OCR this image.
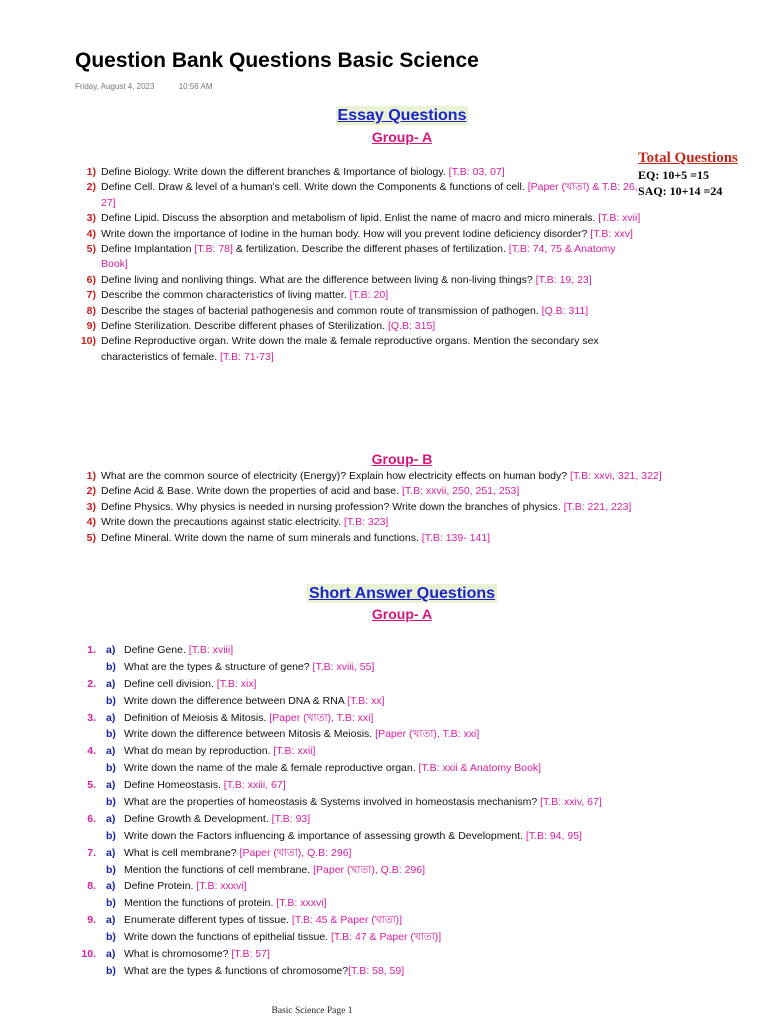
Question Bank Questions Basic Science
Friday, August 4, 2023	10:56 AM
Essay Questions
Group- A
Total Questions
EQ: 10+5 =15
SAQ: 10+14 =24
1) Define Biology. Write down the different branches & Importance of biology. [T.B: 03, 07]
2) Define Cell. Draw & level of a human's cell. Write down the Components & functions of cell. [Paper (খাতা) & T.B: 26, 27]
3) Define Lipid. Discuss the absorption and metabolism of lipid. Enlist the name of macro and micro minerals. [T.B: xvii]
4) Write down the importance of Iodine in the human body. How will you prevent Iodine deficiency disorder? [T.B: xxv]
5) Define Implantation [T.B: 78] & fertilization. Describe the different phases of fertilization. [T.B: 74, 75 & Anatomy Book]
6) Define living and nonliving things. What are the difference between living & non-living things? [T.B: 19, 23]
7) Describe the common characteristics of living matter. [T.B: 20]
8) Describe the stages of bacterial pathogenesis and common route of transmission of pathogen. [Q.B: 311]
9) Define Sterilization. Describe different phases of Sterilization. [Q.B: 315]
10) Define Reproductive organ. Write down the male & female reproductive organs. Mention the secondary sex characteristics of female. [T.B: 71-73]
Group- B
1) What are the common source of electricity (Energy)? Explain how electricity effects on human body? [T.B: xxvi, 321, 322]
2) Define Acid & Base. Write down the properties of acid and base. [T.B: xxvii, 250, 251, 253]
3) Define Physics. Why physics is needed in nursing profession? Write down the branches of physics. [T.B: 221, 223]
4) Write down the precautions against static electricity. [T.B: 323]
5) Define Mineral. Write down the name of sum minerals and functions. [T.B: 139- 141]
Short Answer Questions
Group- A
1. a) Define Gene. [T.B: xviii]
b) What are the types & structure of gene? [T.B: xviii, 55]
2. a) Define cell division. [T.B: xix]
b) Write down the difference between DNA & RNA [T.B: xx]
3. a) Definition of Meiosis & Mitosis. [Paper (খাতা), T.B: xxi]
b) Write down the difference between Mitosis & Meiosis. [Paper (খাতা), T.B: xxi]
4. a) What do mean by reproduction. [T.B: xxii]
b) Write down the name of the male & female reproductive organ. [T.B: xxii & Anatomy Book]
5. a) Define Homeostasis. [T.B: xxiii, 67]
b) What are the properties of homeostasis & Systems involved in homeostasis mechanism? [T.B: xxiv, 67]
6. a) Define Growth & Development. [T.B: 93]
b) Write down the Factors influencing & importance of assessing growth & Development. [T.B: 94, 95]
7. a) What is cell membrane? [Paper (খাতা), Q.B: 296]
b) Mention the functions of cell membrane. [Paper (খাতা), Q.B: 296]
8. a) Define Protein. [T.B: xxxvi]
b) Mention the functions of protein. [T.B: xxxvi]
9. a) Enumerate different types of tissue. [T.B: 45 & Paper (খাতা)]
b) Write down the functions of epithelial tissue. [T.B: 47 & Paper (খাতা)]
10. a) What is chromosome? [T.B: 57]
b) What are the types & functions of chromosome?[T.B: 58, 59]
Basic Science Page 1
